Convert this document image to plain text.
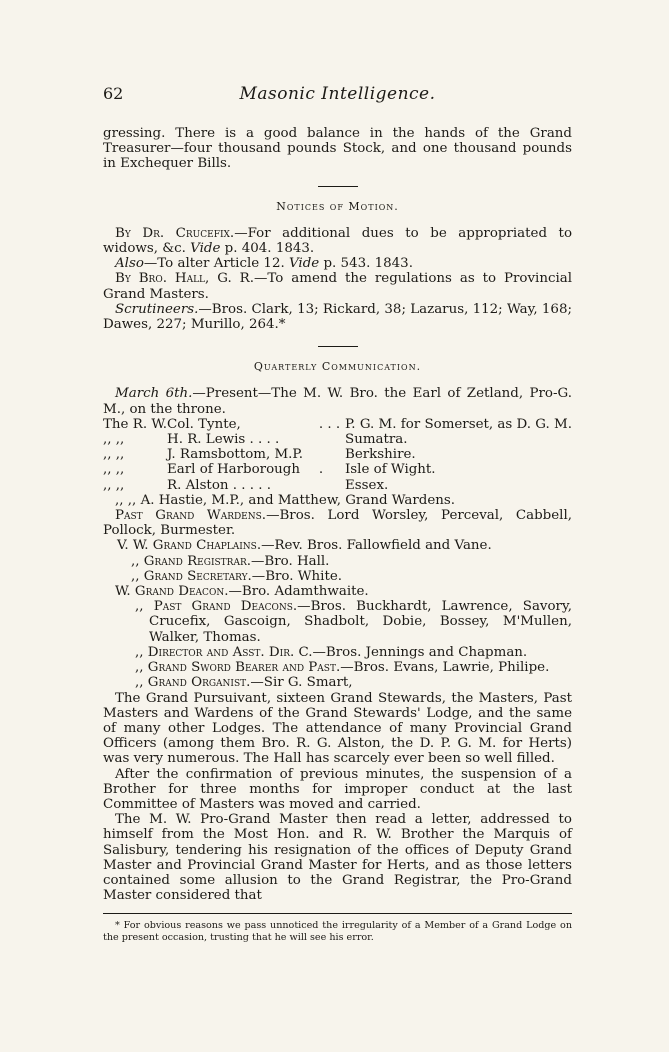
62	Masonic Intelligence.

gressing. There is a good balance in the hands of the Grand Treasurer—four thousand pounds Stock, and one thousand pounds in Exchequer Bills.

Notices of Motion.

By Dr. Crucefix.—For additional dues to be appropriated to widows, &c. Vide p. 404. 1843.

Also—To alter Article 12. Vide p. 543. 1843.

By Bro. Hall, G. R.—To amend the regulations as to Provincial Grand Masters.

Scrutineers.—Bros. Clark, 13; Rickard, 38; Lazarus, 112; Way, 168; Dawes, 227; Murillo, 264.*

Quarterly Communication.

March 6th.—Present—The M. W. Bro. the Earl of Zetland, Pro-G. M., on the throne.

The R. W.	Col. Tynte,	. . .	P. G. M. for Somerset, as D. G. M.
,, ,,	H. R. Lewis . . . .		Sumatra.
,, ,,	J. Ramsbottom, M.P.		Berkshire.
,, ,,	Earl of Harborough	.	Isle of Wight.
,, ,,	R. Alston . . . . .		Essex.

,, ,, A. Hastie, M.P., and Matthew, Grand Wardens.

Past Grand Wardens.—Bros. Lord Worsley, Perceval, Cabbell, Pollock, Burmester.

V. W. Grand Chaplains.—Rev. Bros. Fallowfield and Vane.

,, Grand Registrar.—Bro. Hall.

,, Grand Secretary.—Bro. White.

W. Grand Deacon.—Bro. Adamthwaite.

,, Past Grand Deacons.—Bros. Buckhardt, Lawrence, Savory, Crucefix, Gascoign, Shadbolt, Dobie, Bossey, M'Mullen, Walker, Thomas.

,, Director and Asst. Dir. C.—Bros. Jennings and Chapman.

,, Grand Sword Bearer and Past.—Bros. Evans, Lawrie, Philipe.

,, Grand Organist.—Sir G. Smart,

The Grand Pursuivant, sixteen Grand Stewards, the Masters, Past Masters and Wardens of the Grand Stewards' Lodge, and the same of many other Lodges. The attendance of many Provincial Grand Officers (among them Bro. R. G. Alston, the D. P. G. M. for Herts) was very numerous. The Hall has scarcely ever been so well filled.

After the confirmation of previous minutes, the suspension of a Brother for three months for improper conduct at the last Committee of Masters was moved and carried.

The M. W. Pro-Grand Master then read a letter, addressed to himself from the Most Hon. and R. W. Brother the Marquis of Salisbury, tendering his resignation of the offices of Deputy Grand Master and Provincial Grand Master for Herts, and as those letters contained some allusion to the Grand Registrar, the Pro-Grand Master considered that

* For obvious reasons we pass unnoticed the irregularity of a Member of a Grand Lodge on the present occasion, trusting that he will see his error.
